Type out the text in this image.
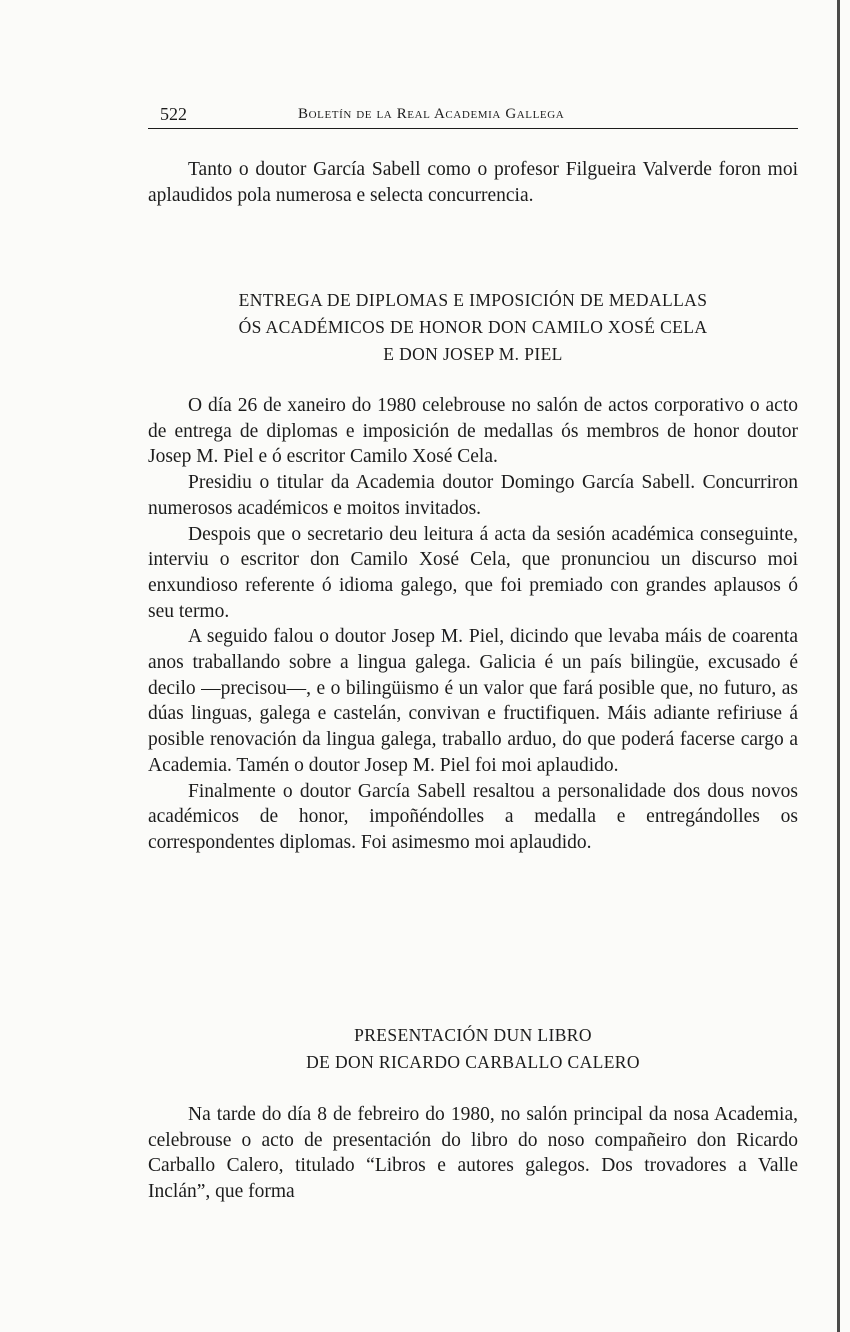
522	Boletín de la Real Academia Gallega

Tanto o doutor García Sabell como o profesor Filgueira Valverde foron moi aplaudidos pola numerosa e selecta concurrencia.

ENTREGA DE DIPLOMAS E IMPOSICIÓN DE MEDALLAS
ÓS ACADÉMICOS DE HONOR DON CAMILO XOSÉ CELA
E DON JOSEP M. PIEL

O día 26 de xaneiro do 1980 celebrouse no salón de actos corporativo o acto de entrega de diplomas e imposición de medallas ós membros de honor doutor Josep M. Piel e ó escritor Camilo Xosé Cela.

Presidiu o titular da Academia doutor Domingo García Sabell. Concurriron numerosos académicos e moitos invitados.

Despois que o secretario deu leitura á acta da sesión académica conseguinte, interviu o escritor don Camilo Xosé Cela, que pronunciou un discurso moi enxundioso referente ó idioma galego, que foi premiado con grandes aplausos ó seu termo.

A seguido falou o doutor Josep M. Piel, dicindo que levaba máis de coarenta anos traballando sobre a lingua galega. Galicia é un país bilingüe, excusado é decilo —precisou—, e o bilingüismo é un valor que fará posible que, no futuro, as dúas linguas, galega e castelán, convivan e fructifiquen. Máis adiante refiriuse á posible renovación da lingua galega, traballo arduo, do que poderá facerse cargo a Academia. Tamén o doutor Josep M. Piel foi moi aplaudido.

Finalmente o doutor García Sabell resaltou a personalidade dos dous novos académicos de honor, impoñéndolles a medalla e entregándolles os correspondentes diplomas. Foi asimesmo moi aplaudido.

PRESENTACIÓN DUN LIBRO
DE DON RICARDO CARBALLO CALERO

Na tarde do día 8 de febreiro do 1980, no salón principal da nosa Academia, celebrouse o acto de presentación do libro do noso compañeiro don Ricardo Carballo Calero, titulado “Libros e autores galegos. Dos trovadores a Valle Inclán”, que forma
